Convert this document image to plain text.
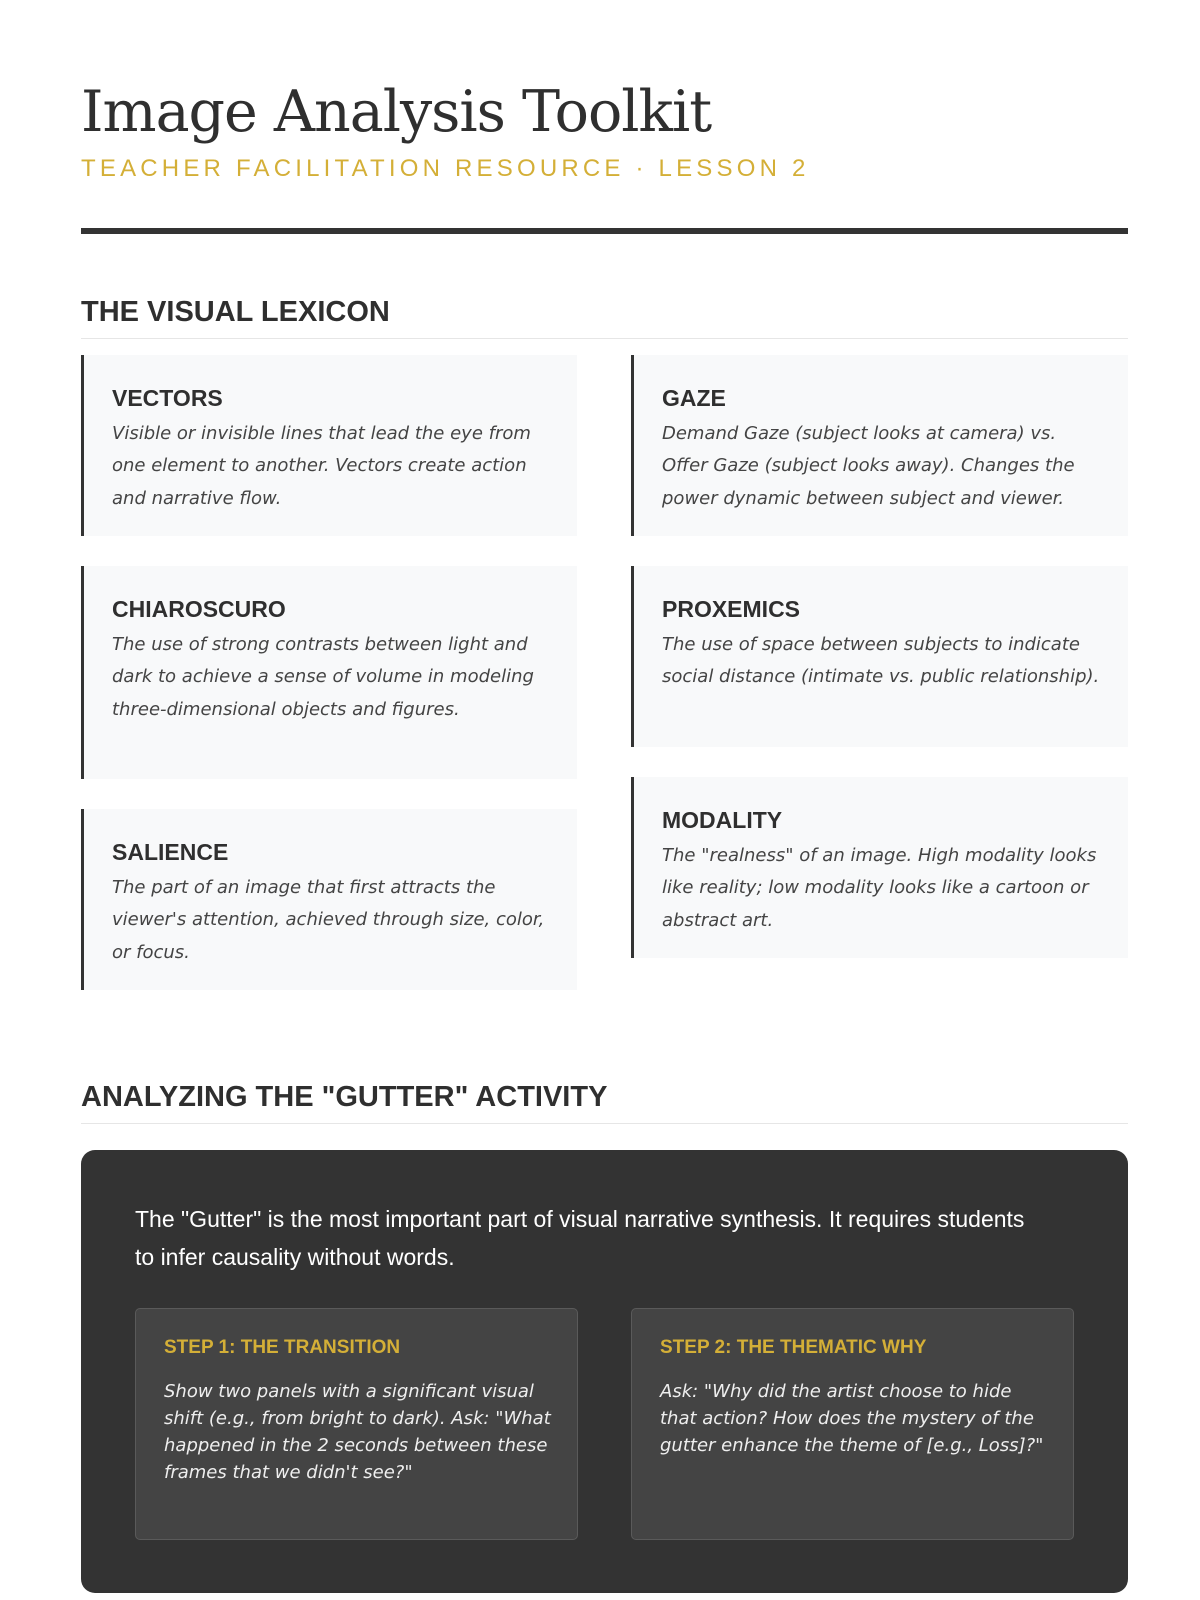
Image Analysis Toolkit
TEACHER FACILITATION RESOURCE · LESSON 2
THE VISUAL LEXICON
VECTORS

Visible or invisible lines that lead the eye from one element to another. Vectors create action and narrative flow.

CHIAROSCURO

The use of strong contrasts between light and dark to achieve a sense of volume in modeling three-dimensional objects and figures.

SALIENCE

The part of an image that first attracts the viewer's attention, achieved through size, color, or focus.

GAZE

Demand Gaze (subject looks at camera) vs. Offer Gaze (subject looks away). Changes the power dynamic between subject and viewer.

PROXEMICS

The use of space between subjects to indicate social distance (intimate vs. public relationship).

MODALITY

The "realness" of an image. High modality looks like reality; low modality looks like a cartoon or abstract art.

ANALYZING THE "GUTTER" ACTIVITY

The "Gutter" is the most important part of visual narrative synthesis. It requires students to infer causality without words.

STEP 1: THE TRANSITION

Show two panels with a significant visual shift (e.g., from bright to dark). Ask: "What happened in the 2 seconds between these frames that we didn't see?"

STEP 2: THE THEMATIC WHY

Ask: "Why did the artist choose to hide that action? How does the mystery of the gutter enhance the theme of [e.g., Loss]?"
